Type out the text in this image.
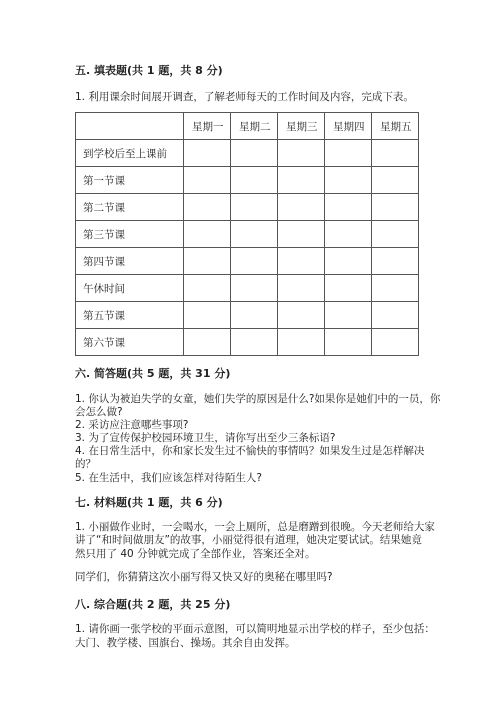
五. 填表题(共 1 题，共 8 分)
1. 利用课余时间展开调查，了解老师每天的工作时间及内容，完成下表。
	星期一	星期二	星期三	星期四	星期五
到学校后至上课前					
第一节课					
第二节课					
第三节课					
第四节课					
午休时间					
第五节课					
第六节课					
六. 简答题(共 5 题，共 31 分)
1. 你认为被迫失学的女童，她们失学的原因是什么?如果你是她们中的一员，你
会怎么做?
2. 采访应注意哪些事项?
3. 为了宣传保护校园环境卫生，请你写出至少三条标语?
4. 在日常生活中，你和家长发生过不愉快的事情吗？如果发生过是怎样解决
的？
5. 在生活中，我们应该怎样对待陌生人?
七. 材料题(共 1 题，共 6 分)
1. 小丽做作业时，一会喝水，一会上厕所，总是磨蹭到很晚。今天老师给大家
讲了“和时间做朋友”的故事，小丽觉得很有道理，她决定要试试。结果她竟
然只用了 40 分钟就完成了全部作业，答案还全对。
同学们，你猜猜这次小丽写得又快又好的奥秘在哪里吗?
八. 综合题(共 2 题，共 25 分)
1. 请你画一张学校的平面示意图，可以简明地显示出学校的样子，至少包括：
大门、教学楼、国旗台、操场。其余自由发挥。
